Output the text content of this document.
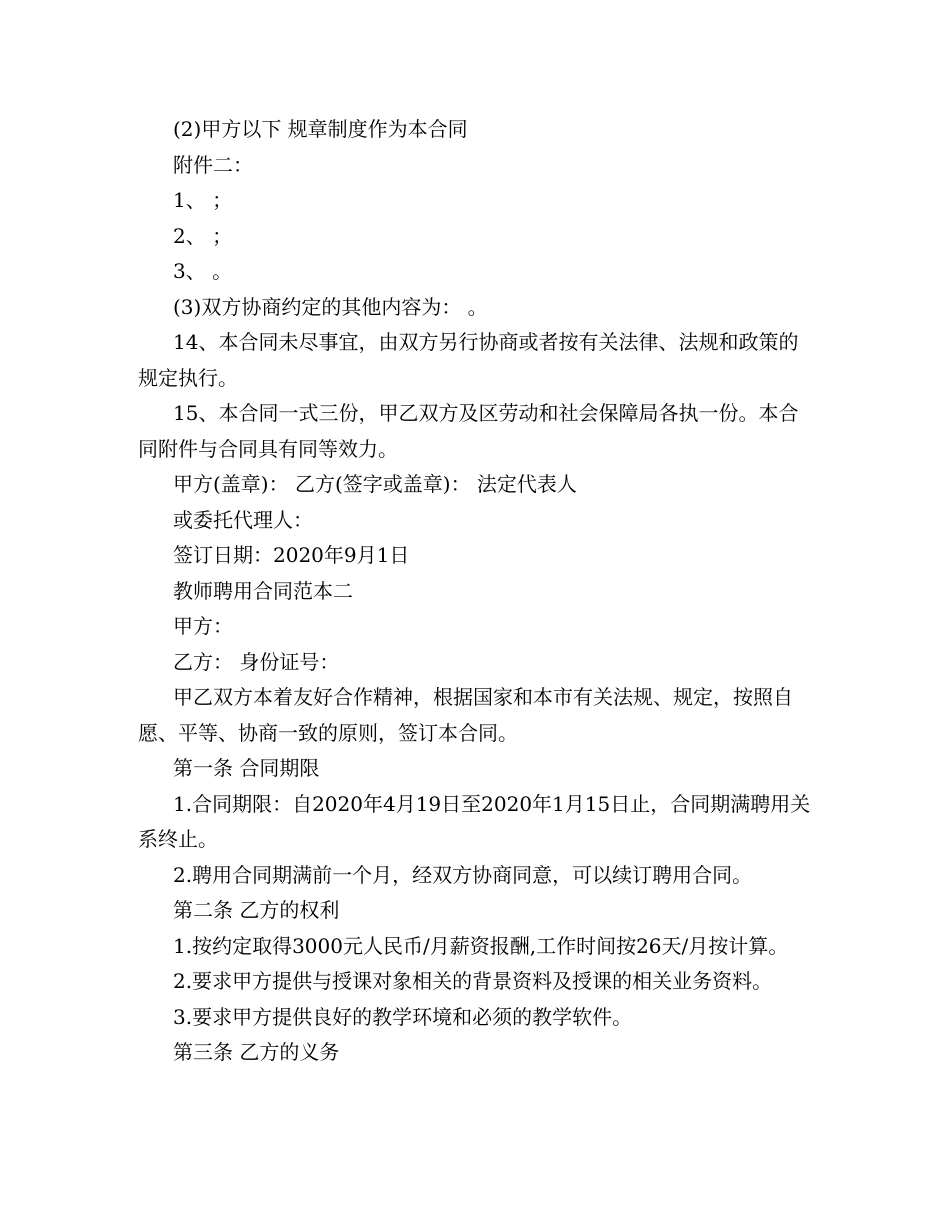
(2)甲方以下 规章制度作为本合同

附件二：

1、 ；

2、 ；

3、 。

(3)双方协商约定的其他内容为： 。

14、本合同未尽事宜，由双方另行协商或者按有关法律、法规和政策的规定执行。

15、本合同一式三份，甲乙双方及区劳动和社会保障局各执一份。本合同附件与合同具有同等效力。

甲方(盖章)： 乙方(签字或盖章)： 法定代表人

或委托代理人：

签订日期：2020年9月1日

教师聘用合同范本二

甲方：

乙方： 身份证号：

甲乙双方本着友好合作精神，根据国家和本市有关法规、规定，按照自愿、平等、协商一致的原则，签订本合同。

第一条 合同期限

1.合同期限：自2020年4月19日至2020年1月15日止，合同期满聘用关系终止。

2.聘用合同期满前一个月，经双方协商同意，可以续订聘用合同。

第二条 乙方的权利

1.按约定取得3000元人民币/月薪资报酬,工作时间按26天/月按计算。

2.要求甲方提供与授课对象相关的背景资料及授课的相关业务资料。

3.要求甲方提供良好的教学环境和必须的教学软件。

第三条 乙方的义务
